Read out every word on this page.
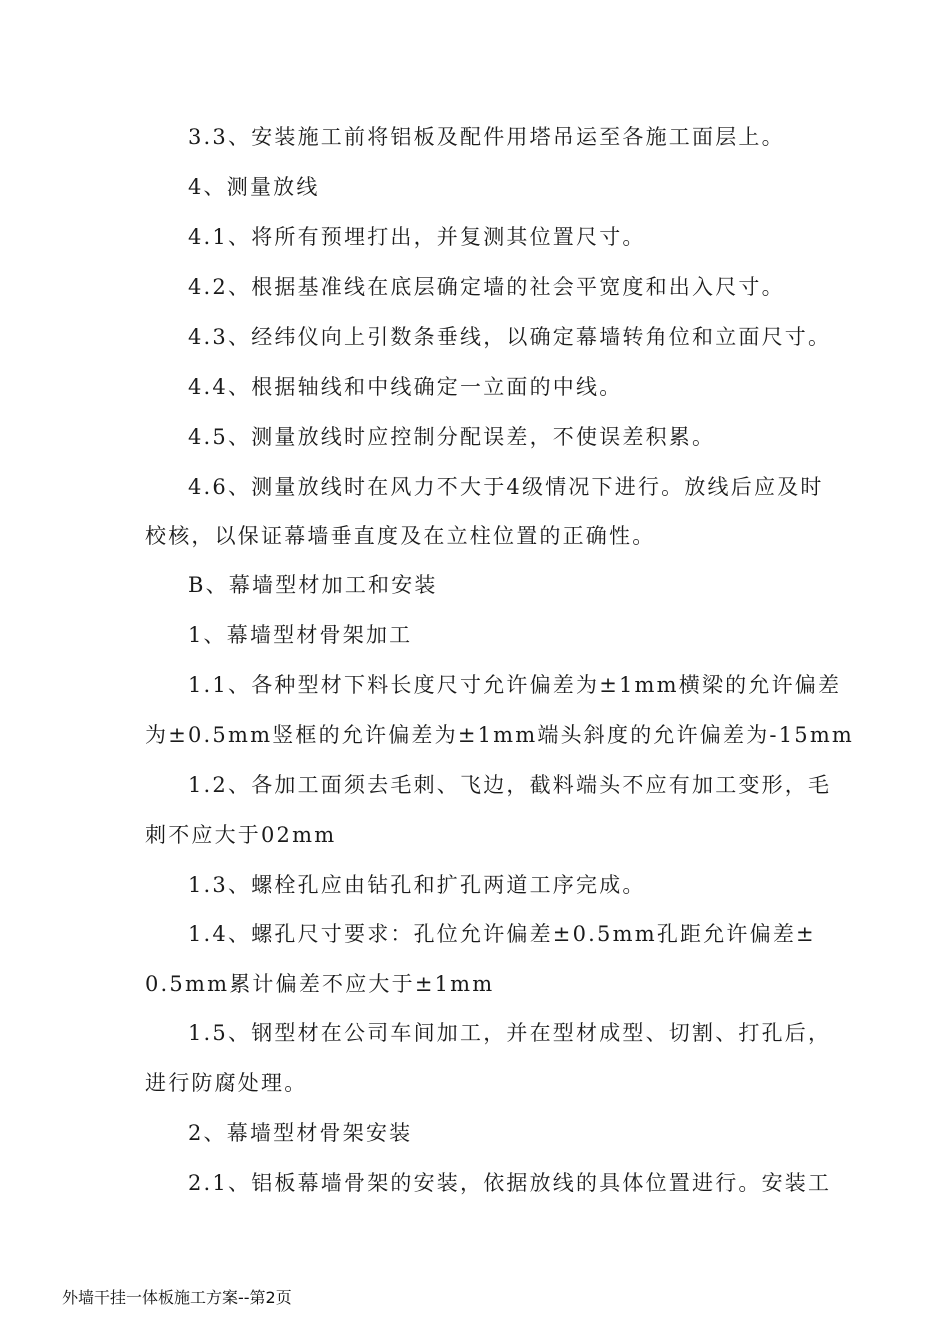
3.3、安装施工前将铝板及配件用塔吊运至各施工面层上。
4、测量放线
4.1、将所有预埋打出，并复测其位置尺寸。
4.2、根据基准线在底层确定墙的社会平宽度和出入尺寸。
4.3、经纬仪向上引数条垂线，以确定幕墙转角位和立面尺寸。
4.4、根据轴线和中线确定一立面的中线。
4.5、测量放线时应控制分配误差，不使误差积累。
4.6、测量放线时在风力不大于4级情况下进行。放线后应及时
校核，以保证幕墙垂直度及在立柱位置的正确性。
B、幕墙型材加工和安装
1、幕墙型材骨架加工
1.1、各种型材下料长度尺寸允许偏差为±1mm横梁的允许偏差
为±0.5mm竖框的允许偏差为±1mm端头斜度的允许偏差为-15mm
1.2、各加工面须去毛刺、飞边，截料端头不应有加工变形，毛
刺不应大于02mm
1.3、螺栓孔应由钻孔和扩孔两道工序完成。
1.4、螺孔尺寸要求：孔位允许偏差±0.5mm孔距允许偏差±
0.5mm累计偏差不应大于±1mm
1.5、钢型材在公司车间加工，并在型材成型、切割、打孔后，
进行防腐处理。
2、幕墙型材骨架安装
2.1、铝板幕墙骨架的安装，依据放线的具体位置进行。安装工
外墙干挂一体板施工方案--第2页
